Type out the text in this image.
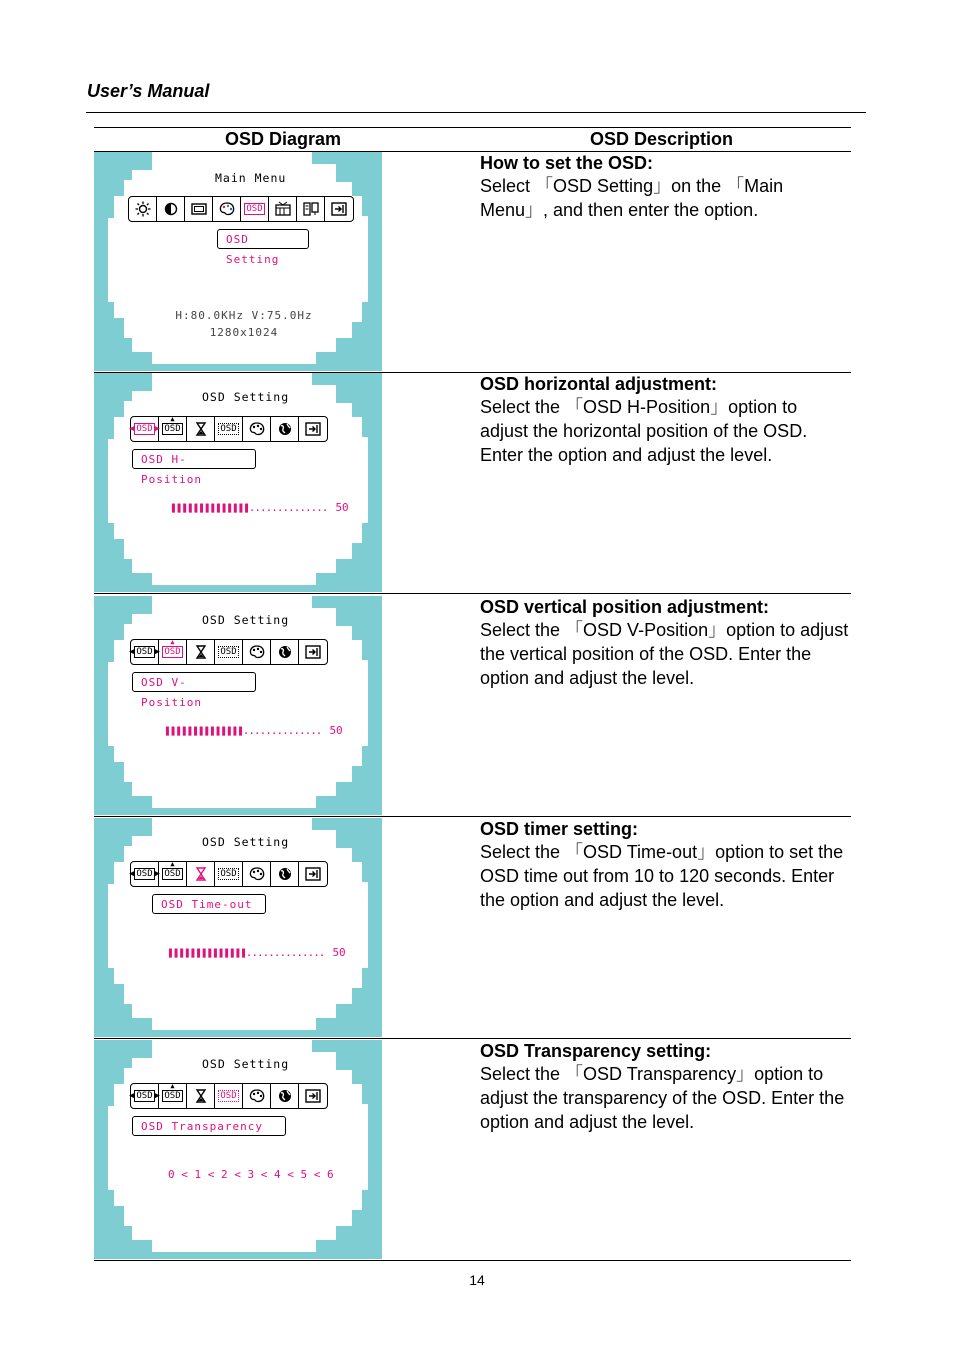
User’s Manual
OSD Diagram	OSD Description
Main Menu
OSD
OSD Setting
H:80.0KHz V:75.0Hz
1280x1024
How to set the OSD:
Select 「OSD Setting」on the 「Main Menu」, and then enter the option.
OSD Setting
◀ OSD ▶ OSD
▲
OSD
OSD H-Position
❚❚❚❚❚❚❚❚❚❚❚❚❚❚.............. 50
OSD horizontal adjustment:
Select the 「OSD H-Position」option to adjust the horizontal position of the OSD. Enter the option and adjust the level.
OSD Setting
◀ OSD ▶ OSD
▲
OSD
OSD V-Position
❚❚❚❚❚❚❚❚❚❚❚❚❚❚.............. 50
OSD vertical position adjustment:
Select the 「OSD V-Position」option to adjust the vertical position of the OSD. Enter the option and adjust the level.
OSD Setting
◀ OSD ▶ OSD
▲
OSD
OSD Time-out
❚❚❚❚❚❚❚❚❚❚❚❚❚❚.............. 50
OSD timer setting:
Select the 「OSD Time-out」option to set the OSD time out from 10 to 120 seconds. Enter the option and adjust the level.
OSD Setting
◀ OSD ▶ OSD
▲
OSD
OSD Transparency
0 < 1 < 2 < 3 < 4 < 5 < 6
OSD Transparency setting:
Select the 「OSD Transparency」option to adjust the transparency of the OSD. Enter the option and adjust the level.
14
